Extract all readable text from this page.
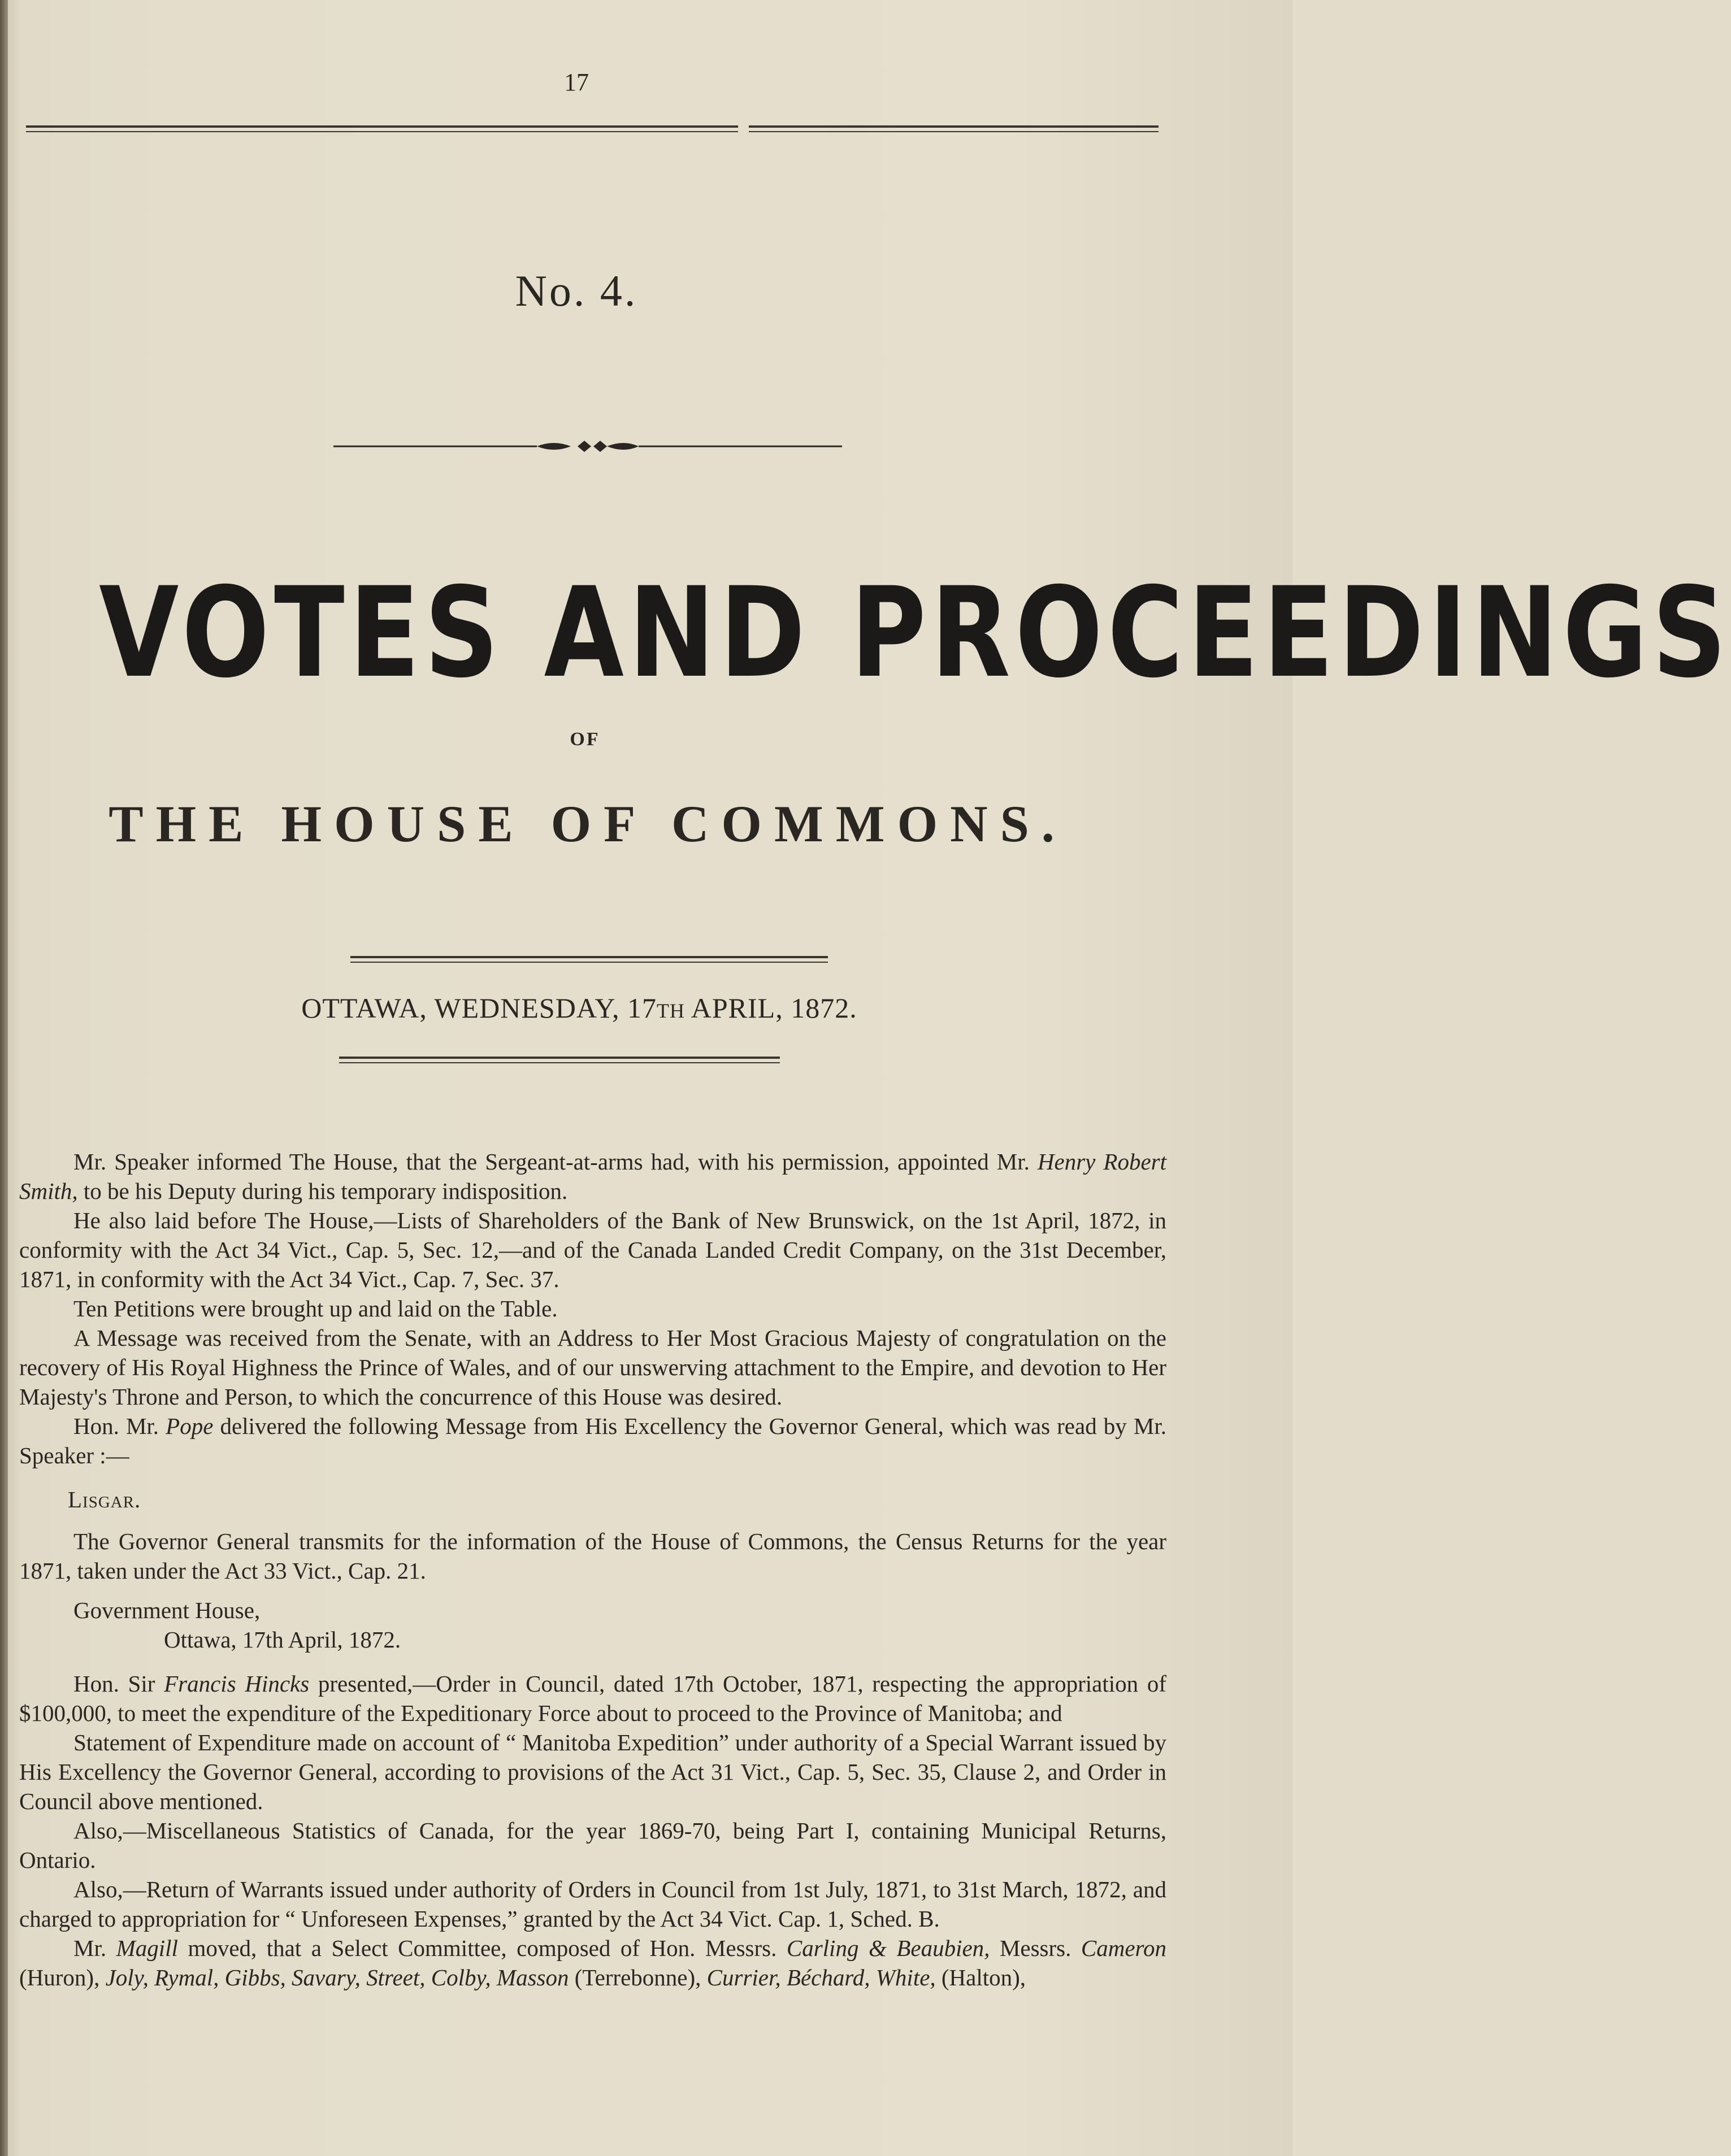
17
No. 4.
VOTES AND PROCEEDINGS
OF
THE HOUSE OF COMMONS.
OTTAWA, WEDNESDAY, 17TH APRIL, 1872.

Mr. Speaker informed The House, that the Sergeant-at-arms had, with his permission, appointed Mr. Henry Robert Smith, to be his Deputy during his temporary indisposition.

He also laid before The House,—Lists of Shareholders of the Bank of New Brunswick, on the 1st April, 1872, in conformity with the Act 34 Vict., Cap. 5, Sec. 12,—and of the Canada Landed Credit Company, on the 31st December, 1871, in conformity with the Act 34 Vict., Cap. 7, Sec. 37.

Ten Petitions were brought up and laid on the Table.

A Message was received from the Senate, with an Address to Her Most Gracious Majesty of congratulation on the recovery of His Royal Highness the Prince of Wales, and of our unswerving attachment to the Empire, and devotion to Her Majesty's Throne and Person, to which the concurrence of this House was desired.

Hon. Mr. Pope delivered the following Message from His Excellency the Governor General, which was read by Mr. Speaker :—

Lisgar.

The Governor General transmits for the information of the House of Commons, the Census Returns for the year 1871, taken under the Act 33 Vict., Cap. 21.

Government House,

Ottawa, 17th April, 1872.

Hon. Sir Francis Hincks presented,—Order in Council, dated 17th October, 1871, respecting the appropriation of $100,000, to meet the expenditure of the Expeditionary Force about to proceed to the Province of Manitoba; and

Statement of Expenditure made on account of “ Manitoba Expedition” under authority of a Special Warrant issued by His Excellency the Governor General, according to provisions of the Act 31 Vict., Cap. 5, Sec. 35, Clause 2, and Order in Council above mentioned.

Also,—Miscellaneous Statistics of Canada, for the year 1869-70, being Part I, containing Municipal Returns, Ontario.

Also,—Return of Warrants issued under authority of Orders in Council from 1st July, 1871, to 31st March, 1872, and charged to appropriation for “ Unforeseen Expenses,” granted by the Act 34 Vict. Cap. 1, Sched. B.

Mr. Magill moved, that a Select Committee, composed of Hon. Messrs. Carling & Beaubien, Messrs. Cameron (Huron), Joly, Rymal, Gibbs, Savary, Street, Colby, Masson (Terrebonne), Currier, Béchard, White, (Halton),
